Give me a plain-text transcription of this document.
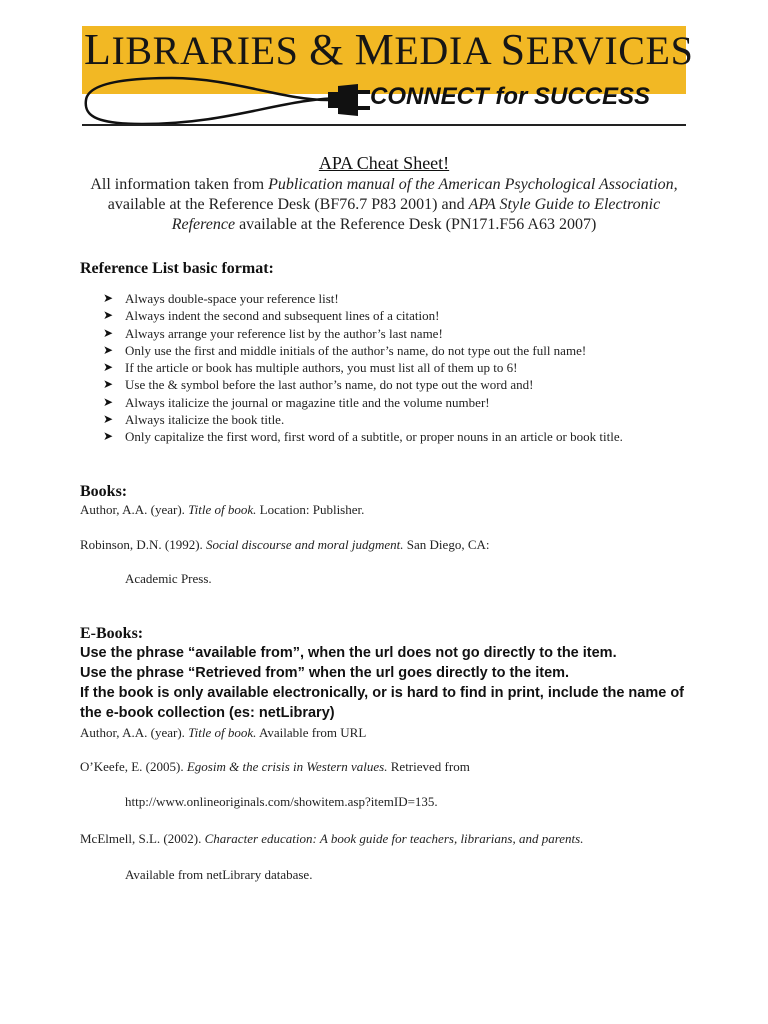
LIBRARIES & MEDIA SERVICES
CONNECT for SUCCESS
APA Cheat Sheet!
All information taken from Publication manual of the American Psychological Association, available at the Reference Desk (BF76.7 P83 2001) and APA Style Guide to Electronic Reference available at the Reference Desk (PN171.F56 A63 2007)
Reference List basic format:
➤ Always double-space your reference list!
➤ Always indent the second and subsequent lines of a citation!
➤ Always arrange your reference list by the author’s last name!
➤ Only use the first and middle initials of the author’s name, do not type out the full name!
➤ If the article or book has multiple authors, you must list all of them up to 6!
➤ Use the & symbol before the last author’s name, do not type out the word and!
➤ Always italicize the journal or magazine title and the volume number!
➤ Always italicize the book title.
➤ Only capitalize the first word, first word of a subtitle, or proper nouns in an article or book title.
Books:
Author, A.A. (year). Title of book. Location: Publisher.
Robinson, D.N. (1992). Social discourse and moral judgment. San Diego, CA:
Academic Press.
E-Books:
Use the phrase “available from”, when the url does not go directly to the item.
Use the phrase “Retrieved from” when the url goes directly to the item.
If the book is only available electronically, or is hard to find in print, include the name of the e-book collection (es: netLibrary)
Author, A.A. (year). Title of book. Available from URL
O’Keefe, E. (2005). Egosim & the crisis in Western values. Retrieved from
http://www.onlineoriginals.com/showitem.asp?itemID=135.
McElmell, S.L. (2002). Character education: A book guide for teachers, librarians, and parents.
Available from netLibrary database.
